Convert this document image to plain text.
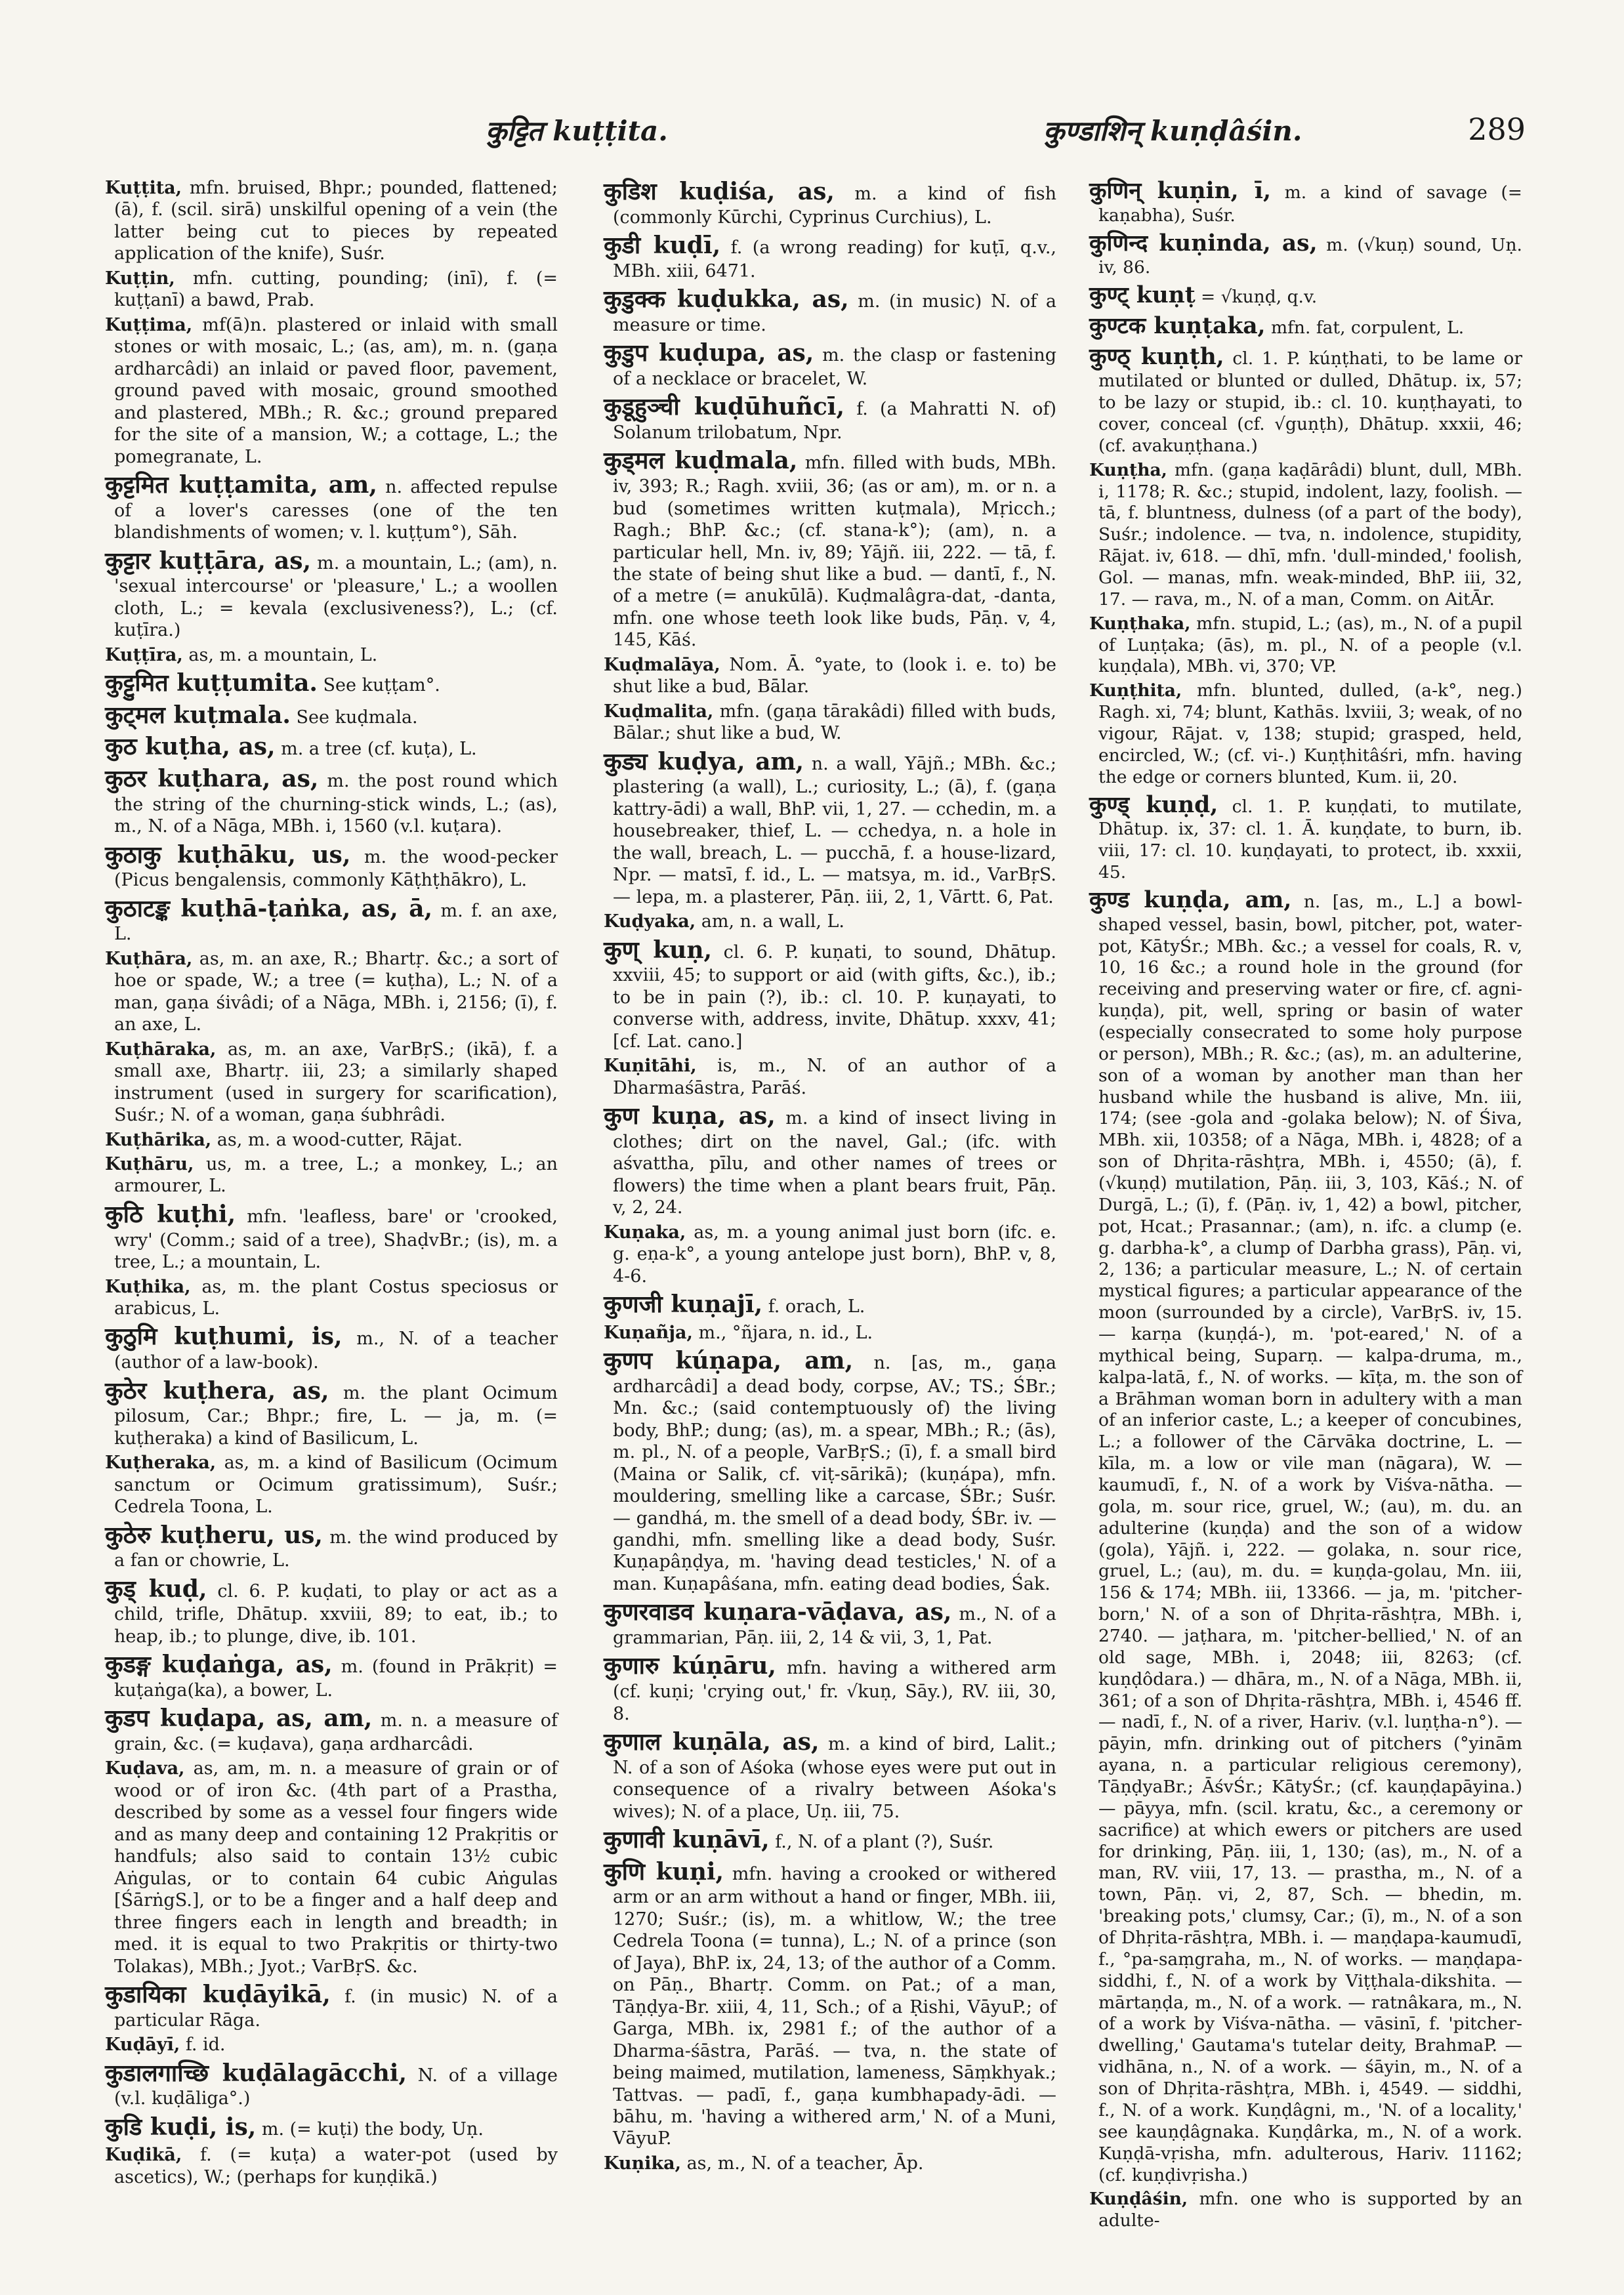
कुट्टित kuṭṭita.	कुण्डाशिन् kuṇḍâśin.	289

Kuṭṭita, mfn. bruised, Bhpr.; pounded, flattened; (ā), f. (scil. sirā) unskilful opening of a vein (the latter being cut to pieces by repeated application of the knife), Suśr.

Kuṭṭin, mfn. cutting, pounding; (inī), f. (= kuṭṭanī) a bawd, Prab.

Kuṭṭima, mf(ā)n. plastered or inlaid with small stones or with mosaic, L.; (as, am), m. n. (gaṇa ardharcâdi) an inlaid or paved floor, pavement, ground paved with mosaic, ground smoothed and plastered, MBh.; R. &c.; ground prepared for the site of a mansion, W.; a cottage, L.; the pomegranate, L.

कुट्टमित kuṭṭamita, am, n. affected repulse of a lover's caresses (one of the ten blandishments of women; v. l. kuṭṭum°), Sāh.

कुट्टार kuṭṭāra, as, m. a mountain, L.; (am), n. 'sexual intercourse' or 'pleasure,' L.; a woollen cloth, L.; = kevala (exclusiveness?), L.; (cf. kuṭīra.)

Kuṭṭīra, as, m. a mountain, L.

कुट्टुमित kuṭṭumita. See kuṭṭam°.

कुट्मल kuṭmala. See kuḍmala.

कुठ kuṭha, as, m. a tree (cf. kuṭa), L.

कुठर kuṭhara, as, m. the post round which the string of the churning-stick winds, L.; (as), m., N. of a Nāga, MBh. i, 1560 (v.l. kuṭara).

कुठाकु kuṭhāku, us, m. the wood-pecker (Picus bengalensis, commonly Kāṭhṭhākro), L.

कुठाटङ्क kuṭhā-ṭaṅka, as, ā, m. f. an axe, L.

Kuṭhāra, as, m. an axe, R.; Bhartṛ. &c.; a sort of hoe or spade, W.; a tree (= kuṭha), L.; N. of a man, gaṇa śivâdi; of a Nāga, MBh. i, 2156; (ī), f. an axe, L.

Kuṭhāraka, as, m. an axe, VarBṛS.; (ikā), f. a small axe, Bhartṛ. iii, 23; a similarly shaped instrument (used in surgery for scarification), Suśr.; N. of a woman, gaṇa śubhrâdi.

Kuṭhārika, as, m. a wood-cutter, Rājat.

Kuṭhāru, us, m. a tree, L.; a monkey, L.; an armourer, L.

कुठि kuṭhi, mfn. 'leafless, bare' or 'crooked, wry' (Comm.; said of a tree), ShaḍvBr.; (is), m. a tree, L.; a mountain, L.

Kuṭhika, as, m. the plant Costus speciosus or arabicus, L.

कुठुमि kuṭhumi, is, m., N. of a teacher (author of a law-book).

कुठेर kuṭhera, as, m. the plant Ocimum pilosum, Car.; Bhpr.; fire, L. — ja, m. (= kuṭheraka) a kind of Basilicum, L.

Kuṭheraka, as, m. a kind of Basilicum (Ocimum sanctum or Ocimum gratissimum), Suśr.; Cedrela Toona, L.

कुठेरु kuṭheru, us, m. the wind produced by a fan or chowrie, L.

कुड् kuḍ, cl. 6. P. kuḍati, to play or act as a child, trifle, Dhātup. xxviii, 89; to eat, ib.; to heap, ib.; to plunge, dive, ib. 101.

कुडङ्ग kuḍaṅga, as, m. (found in Prākṛit) = kuṭaṅga(ka), a bower, L.

कुडप kuḍapa, as, am, m. n. a measure of grain, &c. (= kuḍava), gaṇa ardharcâdi.

Kuḍava, as, am, m. n. a measure of grain or of wood or of iron &c. (4th part of a Prastha, described by some as a vessel four fingers wide and as many deep and containing 12 Prakṛitis or handfuls; also said to contain 13½ cubic Aṅgulas, or to contain 64 cubic Aṅgulas [ŚārṅgS.], or to be a finger and a half deep and three fingers each in length and breadth; in med. it is equal to two Prakṛitis or thirty-two Tolakas), MBh.; Jyot.; VarBṛS. &c.

कुडायिका kuḍāyikā, f. (in music) N. of a particular Rāga.

Kuḍāyī, f. id.

कुडालगाच्छि kuḍālagācchi, N. of a village (v.l. kuḍāliga°.)

कुडि kuḍi, is, m. (= kuṭi) the body, Uṇ.

Kuḍikā, f. (= kuṭa) a water-pot (used by ascetics), W.; (perhaps for kuṇḍikā.)

कुडिश kuḍiśa, as, m. a kind of fish (commonly Kūrchi, Cyprinus Curchius), L.

कुडी kuḍī, f. (a wrong reading) for kuṭī, q.v., MBh. xiii, 6471.

कुडुक्क kuḍukka, as, m. (in music) N. of a measure or time.

कुडुप kuḍupa, as, m. the clasp or fastening of a necklace or bracelet, W.

कुडूहुञ्ची kuḍūhuñcī, f. (a Mahratti N. of) Solanum trilobatum, Npr.

कुड्मल kuḍmala, mfn. filled with buds, MBh. iv, 393; R.; Ragh. xviii, 36; (as or am), m. or n. a bud (sometimes written kuṭmala), Mṛicch.; Ragh.; BhP. &c.; (cf. stana-k°); (am), n. a particular hell, Mn. iv, 89; Yājñ. iii, 222. — tā, f. the state of being shut like a bud. — dantī, f., N. of a metre (= anukūlā). Kuḍmalâgra-dat, -danta, mfn. one whose teeth look like buds, Pāṇ. v, 4, 145, Kāś.

Kuḍmalāya, Nom. Ā. °yate, to (look i. e. to) be shut like a bud, Bālar.

Kuḍmalita, mfn. (gaṇa tārakâdi) filled with buds, Bālar.; shut like a bud, W.

कुड्य kuḍya, am, n. a wall, Yājñ.; MBh. &c.; plastering (a wall), L.; curiosity, L.; (ā), f. (gaṇa kattry-ādi) a wall, BhP. vii, 1, 27. — cchedin, m. a housebreaker, thief, L. — cchedya, n. a hole in the wall, breach, L. — pucchā, f. a house-lizard, Npr. — matsī, f. id., L. — matsya, m. id., VarBṛS. — lepa, m. a plasterer, Pāṇ. iii, 2, 1, Vārtt. 6, Pat.

Kuḍyaka, am, n. a wall, L.

कुण् kuṇ, cl. 6. P. kuṇati, to sound, Dhātup. xxviii, 45; to support or aid (with gifts, &c.), ib.; to be in pain (?), ib.: cl. 10. P. kuṇayati, to converse with, address, invite, Dhātup. xxxv, 41; [cf. Lat. cano.]

Kuṇitāhi, is, m., N. of an author of a Dharmaśāstra, Parāś.

कुण kuṇa, as, m. a kind of insect living in clothes; dirt on the navel, Gal.; (ifc. with aśvattha, pīlu, and other names of trees or flowers) the time when a plant bears fruit, Pāṇ. v, 2, 24.

Kuṇaka, as, m. a young animal just born (ifc. e. g. eṇa-k°, a young antelope just born), BhP. v, 8, 4-6.

कुणजी kuṇajī, f. orach, L.

Kuṇañja, m., °ñjara, n. id., L.

कुणप kúṇapa, am, n. [as, m., gaṇa ardharcâdi] a dead body, corpse, AV.; TS.; ŚBr.; Mn. &c.; (said contemptuously of) the living body, BhP.; dung; (as), m. a spear, MBh.; R.; (ās), m. pl., N. of a people, VarBṛS.; (ī), f. a small bird (Maina or Salik, cf. viṭ-sārikā); (kuṇápa), mfn. mouldering, smelling like a carcase, ŚBr.; Suśr. — gandhá, m. the smell of a dead body, ŚBr. iv. — gandhi, mfn. smelling like a dead body, Suśr. Kuṇapâṇḍya, m. 'having dead testicles,' N. of a man. Kuṇapâśana, mfn. eating dead bodies, Śak.

कुणरवाडव kuṇara-vāḍava, as, m., N. of a grammarian, Pāṇ. iii, 2, 14 & vii, 3, 1, Pat.

कुणारु kúṇāru, mfn. having a withered arm (cf. kuṇi; 'crying out,' fr. √kuṇ, Sāy.), RV. iii, 30, 8.

कुणाल kuṇāla, as, m. a kind of bird, Lalit.; N. of a son of Aśoka (whose eyes were put out in consequence of a rivalry between Aśoka's wives); N. of a place, Uṇ. iii, 75.

कुणावी kuṇāvī, f., N. of a plant (?), Suśr.

कुणि kuṇi, mfn. having a crooked or withered arm or an arm without a hand or finger, MBh. iii, 1270; Suśr.; (is), m. a whitlow, W.; the tree Cedrela Toona (= tunna), L.; N. of a prince (son of Jaya), BhP. ix, 24, 13; of the author of a Comm. on Pāṇ., Bhartṛ. Comm. on Pat.; of a man, Tāṇḍya-Br. xiii, 4, 11, Sch.; of a Ṛishi, VāyuP.; of Garga, MBh. ix, 2981 f.; of the author of a Dharma-śāstra, Parāś. — tva, n. the state of being maimed, mutilation, lameness, Sāṃkhyak.; Tattvas. — padī, f., gaṇa kumbhapady-ādi. — bāhu, m. 'having a withered arm,' N. of a Muni, VāyuP.

Kuṇika, as, m., N. of a teacher, Āp.

कुणिन् kuṇin, ī, m. a kind of savage (= kaṇabha), Suśr.

कुणिन्द kuṇinda, as, m. (√kuṇ) sound, Uṇ. iv, 86.

कुण्ट् kuṇṭ = √kuṇḍ, q.v.

कुण्टक kuṇṭaka, mfn. fat, corpulent, L.

कुण्ठ् kuṇṭh, cl. 1. P. kúṇṭhati, to be lame or mutilated or blunted or dulled, Dhātup. ix, 57; to be lazy or stupid, ib.: cl. 10. kuṇṭhayati, to cover, conceal (cf. √guṇṭh), Dhātup. xxxii, 46; (cf. avakuṇṭhana.)

Kuṇṭha, mfn. (gaṇa kaḍārâdi) blunt, dull, MBh. i, 1178; R. &c.; stupid, indolent, lazy, foolish. — tā, f. bluntness, dulness (of a part of the body), Suśr.; indolence. — tva, n. indolence, stupidity, Rājat. iv, 618. — dhī, mfn. 'dull-minded,' foolish, Gol. — manas, mfn. weak-minded, BhP. iii, 32, 17. — rava, m., N. of a man, Comm. on AitĀr.

Kuṇṭhaka, mfn. stupid, L.; (as), m., N. of a pupil of Luṇṭaka; (ās), m. pl., N. of a people (v.l. kuṇḍala), MBh. vi, 370; VP.

Kuṇṭhita, mfn. blunted, dulled, (a-k°, neg.) Ragh. xi, 74; blunt, Kathās. lxviii, 3; weak, of no vigour, Rājat. v, 138; stupid; grasped, held, encircled, W.; (cf. vi-.) Kuṇṭhitâśri, mfn. having the edge or corners blunted, Kum. ii, 20.

कुण्ड् kuṇḍ, cl. 1. P. kuṇḍati, to mutilate, Dhātup. ix, 37: cl. 1. Ā. kuṇḍate, to burn, ib. viii, 17: cl. 10. kuṇḍayati, to protect, ib. xxxii, 45.

कुण्ड kuṇḍa, am, n. [as, m., L.] a bowl-shaped vessel, basin, bowl, pitcher, pot, water-pot, KātyŚr.; MBh. &c.; a vessel for coals, R. v, 10, 16 &c.; a round hole in the ground (for receiving and preserving water or fire, cf. agni-kuṇḍa), pit, well, spring or basin of water (especially consecrated to some holy purpose or person), MBh.; R. &c.; (as), m. an adulterine, son of a woman by another man than her husband while the husband is alive, Mn. iii, 174; (see -gola and -golaka below); N. of Śiva, MBh. xii, 10358; of a Nāga, MBh. i, 4828; of a son of Dhṛita-rāshṭra, MBh. i, 4550; (ā), f. (√kuṇḍ) mutilation, Pāṇ. iii, 3, 103, Kāś.; N. of Durgā, L.; (ī), f. (Pāṇ. iv, 1, 42) a bowl, pitcher, pot, Hcat.; Prasannar.; (am), n. ifc. a clump (e. g. darbha-k°, a clump of Darbha grass), Pāṇ. vi, 2, 136; a particular measure, L.; N. of certain mystical figures; a particular appearance of the moon (surrounded by a circle), VarBṛS. iv, 15. — karṇa (kuṇḍá-), m. 'pot-eared,' N. of a mythical being, Suparṇ. — kalpa-druma, m., kalpa-latā, f., N. of works. — kīṭa, m. the son of a Brāhman woman born in adultery with a man of an inferior caste, L.; a keeper of concubines, L.; a follower of the Cārvāka doctrine, L. — kīla, m. a low or vile man (nāgara), W. — kaumudī, f., N. of a work by Viśva-nātha. — gola, m. sour rice, gruel, W.; (au), m. du. an adulterine (kuṇḍa) and the son of a widow (gola), Yājñ. i, 222. — golaka, n. sour rice, gruel, L.; (au), m. du. = kuṇḍa-golau, Mn. iii, 156 & 174; MBh. iii, 13366. — ja, m. 'pitcher-born,' N. of a son of Dhṛita-rāshṭra, MBh. i, 2740. — jaṭhara, m. 'pitcher-bellied,' N. of an old sage, MBh. i, 2048; iii, 8263; (cf. kuṇḍôdara.) — dhāra, m., N. of a Nāga, MBh. ii, 361; of a son of Dhṛita-rāshṭra, MBh. i, 4546 ff. — nadī, f., N. of a river, Hariv. (v.l. luṇṭha-n°). — pāyin, mfn. drinking out of pitchers (°yinām ayana, n. a particular religious ceremony), TāṇḍyaBr.; ĀśvŚr.; KātyŚr.; (cf. kauṇḍapāyina.) — pāyya, mfn. (scil. kratu, &c., a ceremony or sacrifice) at which ewers or pitchers are used for drinking, Pāṇ. iii, 1, 130; (as), m., N. of a man, RV. viii, 17, 13. — prastha, m., N. of a town, Pāṇ. vi, 2, 87, Sch. — bhedin, m. 'breaking pots,' clumsy, Car.; (ī), m., N. of a son of Dhṛita-rāshṭra, MBh. i. — maṇḍapa-kaumudī, f., °pa-saṃgraha, m., N. of works. — maṇḍapa-siddhi, f., N. of a work by Viṭṭhala-dikshita. — mārtaṇḍa, m., N. of a work. — ratnâkara, m., N. of a work by Viśva-nātha. — vāsinī, f. 'pitcher-dwelling,' Gautama's tutelar deity, BrahmaP. — vidhāna, n., N. of a work. — śāyin, m., N. of a son of Dhṛita-rāshṭra, MBh. i, 4549. — siddhi, f., N. of a work. Kuṇḍâgni, m., 'N. of a locality,' see kauṇḍâgnaka. Kuṇḍârka, m., N. of a work. Kuṇḍā-vṛisha, mfn. adulterous, Hariv. 11162; (cf. kuṇḍivṛisha.)

Kuṇḍâśin, mfn. one who is supported by an adulte-
